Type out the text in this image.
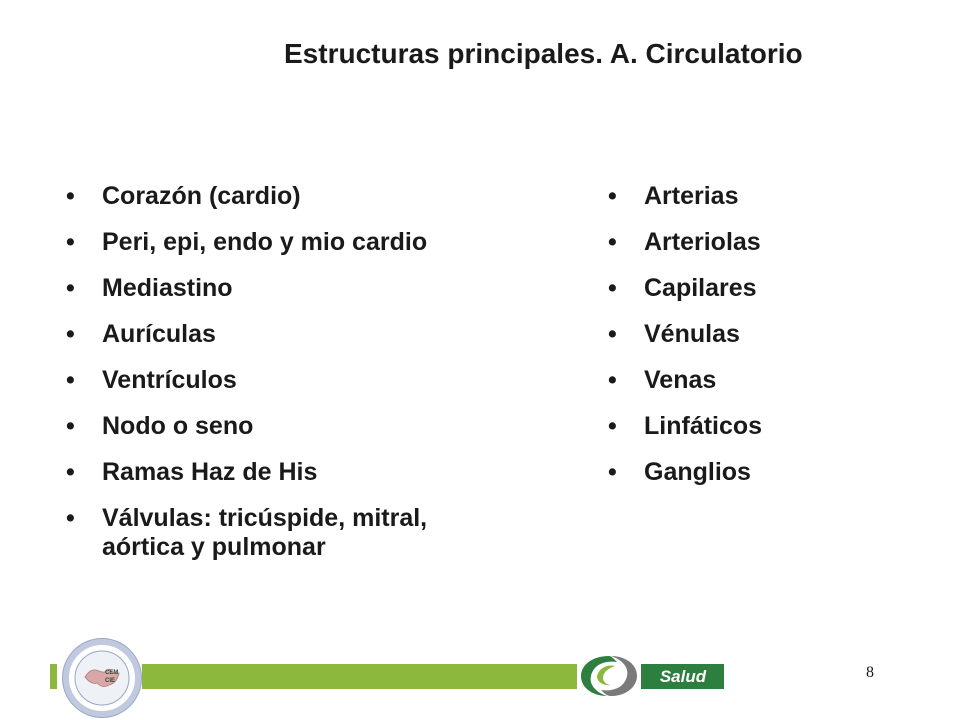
Estructuras principales. A. Circulatorio
•	Corazón (cardio)
•	Peri, epi, endo y mio cardio
•	Mediastino
•	Aurículas
•	Ventrículos
•	Nodo o seno
•	Ramas Haz de His
•	Válvulas: tricúspide, mitral,
aórtica y pulmonar
•	Arterias
•	Arteriolas
•	Capilares
•	Vénulas
•	Venas
•	Linfáticos
•	Ganglios
CEM
CIE	Salud	8
